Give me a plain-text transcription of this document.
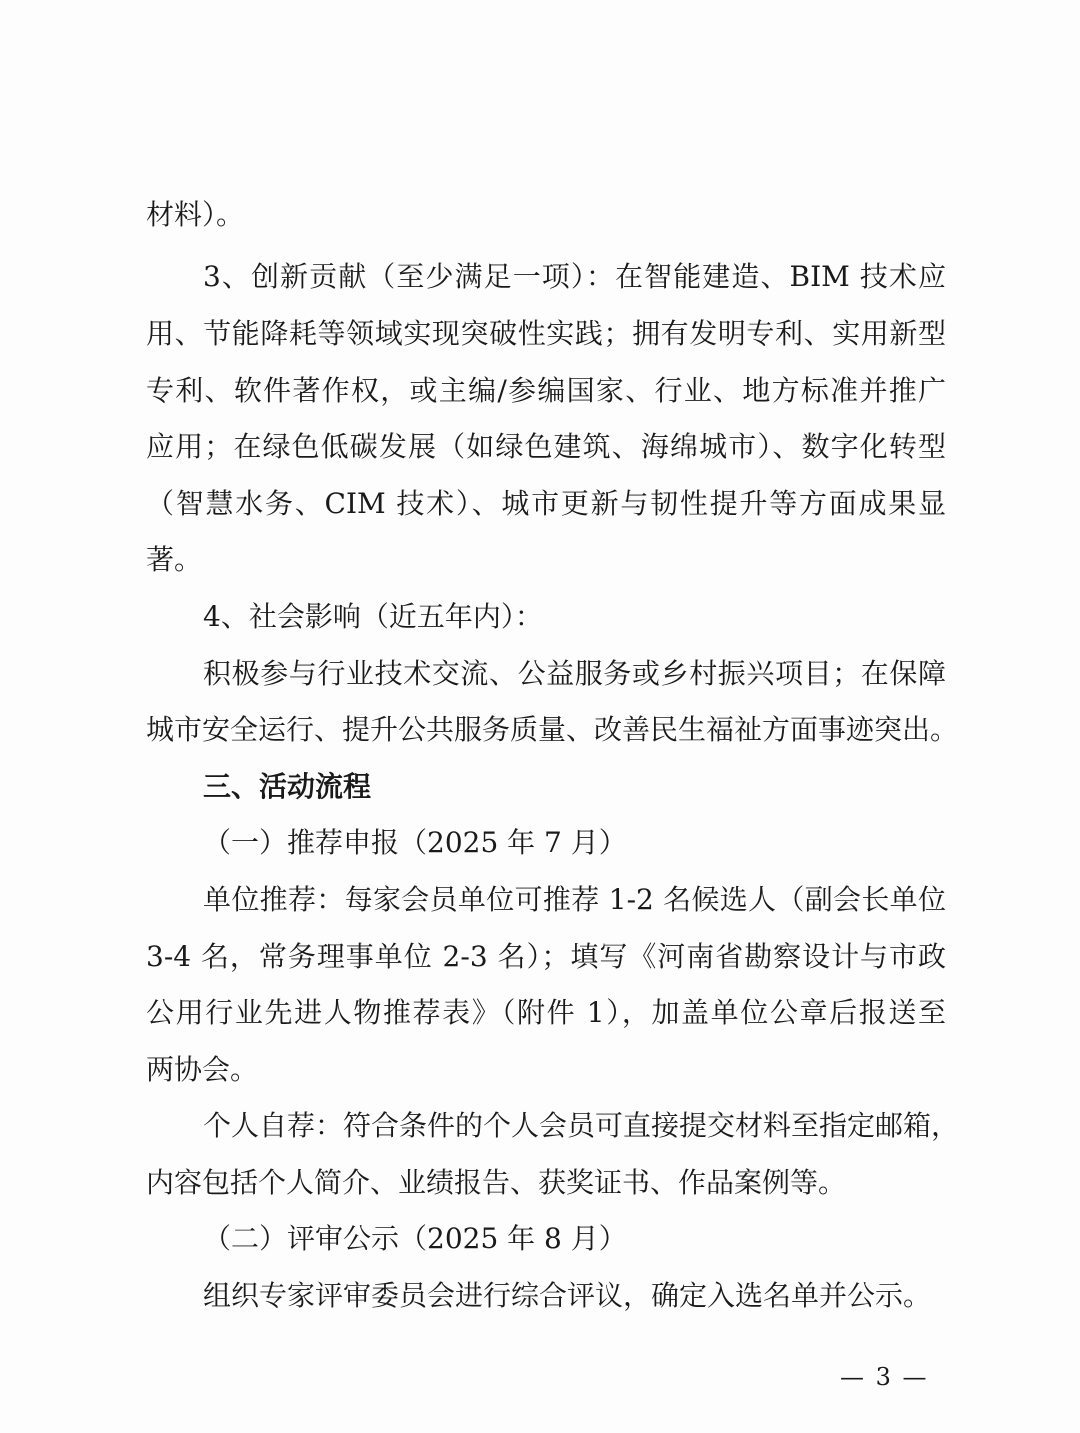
材料）。
3、创新贡献（至少满足一项）：在智能建造、BIM 技术应
用、节能降耗等领域实现突破性实践；拥有发明专利、实用新型
专利、软件著作权，或主编/参编国家、行业、地方标准并推广
应用；在绿色低碳发展（如绿色建筑、海绵城市）、数字化转型
（智慧水务、CIM 技术）、城市更新与韧性提升等方面成果显
著。
4、社会影响（近五年内）：
积极参与行业技术交流、公益服务或乡村振兴项目；在保障
城市安全运行、提升公共服务质量、改善民生福祉方面事迹突出。
三、活动流程
（一）推荐申报（2025 年 7 月）
单位推荐：每家会员单位可推荐 1-2 名候选人（副会长单位
3-4 名，常务理事单位 2-3 名）；填写《河南省勘察设计与市政
公用行业先进人物推荐表》（附件 1），加盖单位公章后报送至
两协会。
个人自荐：符合条件的个人会员可直接提交材料至指定邮箱，
内容包括个人简介、业绩报告、获奖证书、作品案例等。
（二）评审公示（2025 年 8 月）
组织专家评审委员会进行综合评议，确定入选名单并公示。
— 3 —
